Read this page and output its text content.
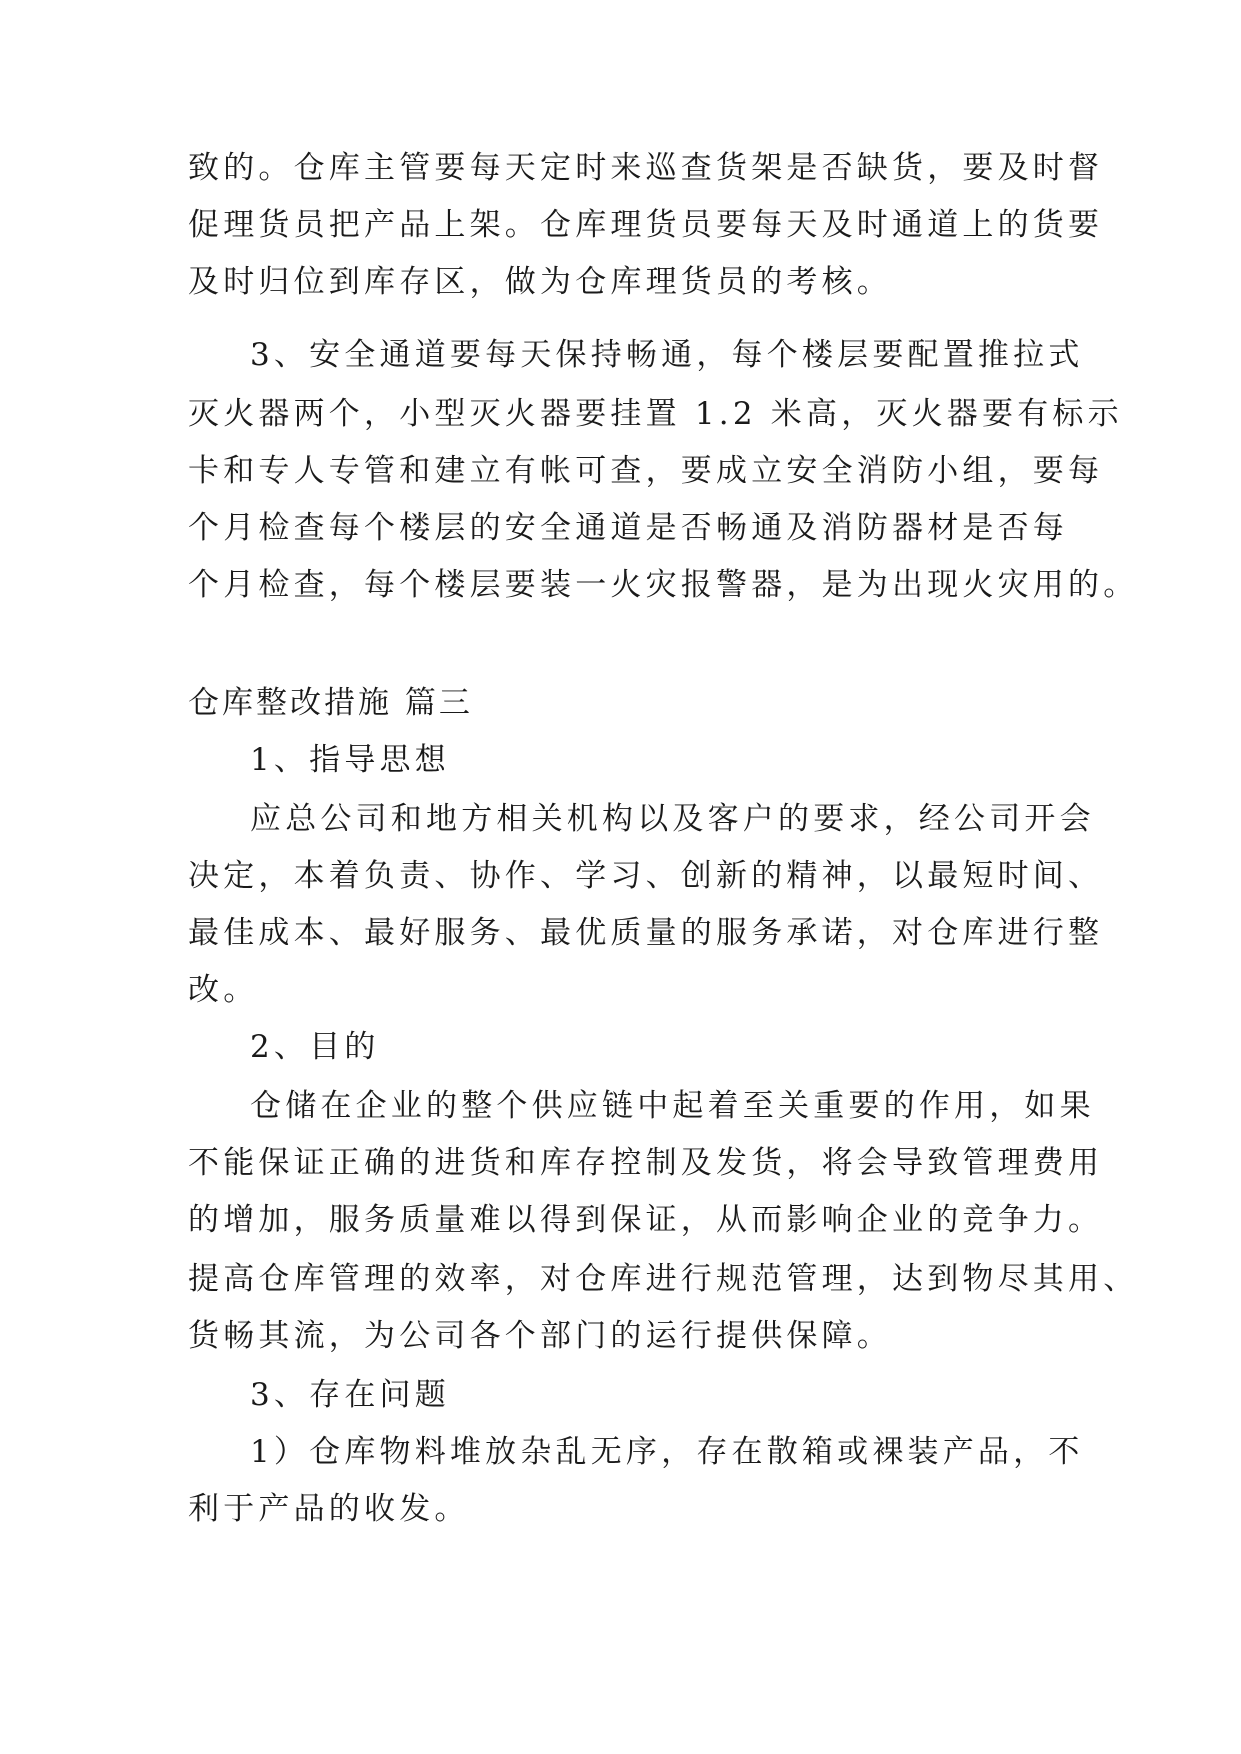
致的。仓库主管要每天定时来巡查货架是否缺货，要及时督
促理货员把产品上架。仓库理货员要每天及时通道上的货要
及时归位到库存区，做为仓库理货员的考核。
3、安全通道要每天保持畅通，每个楼层要配置推拉式
灭火器两个，小型灭火器要挂置 1.2 米高，灭火器要有标示
卡和专人专管和建立有帐可查，要成立安全消防小组，要每
个月检查每个楼层的安全通道是否畅通及消防器材是否每
个月检查，每个楼层要装一火灾报警器，是为出现火灾用的。
仓库整改措施 篇三
1、指导思想
应总公司和地方相关机构以及客户的要求，经公司开会
决定，本着负责、协作、学习、创新的精神，以最短时间、
最佳成本、最好服务、最优质量的服务承诺，对仓库进行整
改。
2、目的
仓储在企业的整个供应链中起着至关重要的作用，如果
不能保证正确的进货和库存控制及发货，将会导致管理费用
的增加，服务质量难以得到保证，从而影响企业的竞争力。
提高仓库管理的效率，对仓库进行规范管理，达到物尽其用、
货畅其流，为公司各个部门的运行提供保障。
3、存在问题
1）仓库物料堆放杂乱无序，存在散箱或裸装产品，不
利于产品的收发。
